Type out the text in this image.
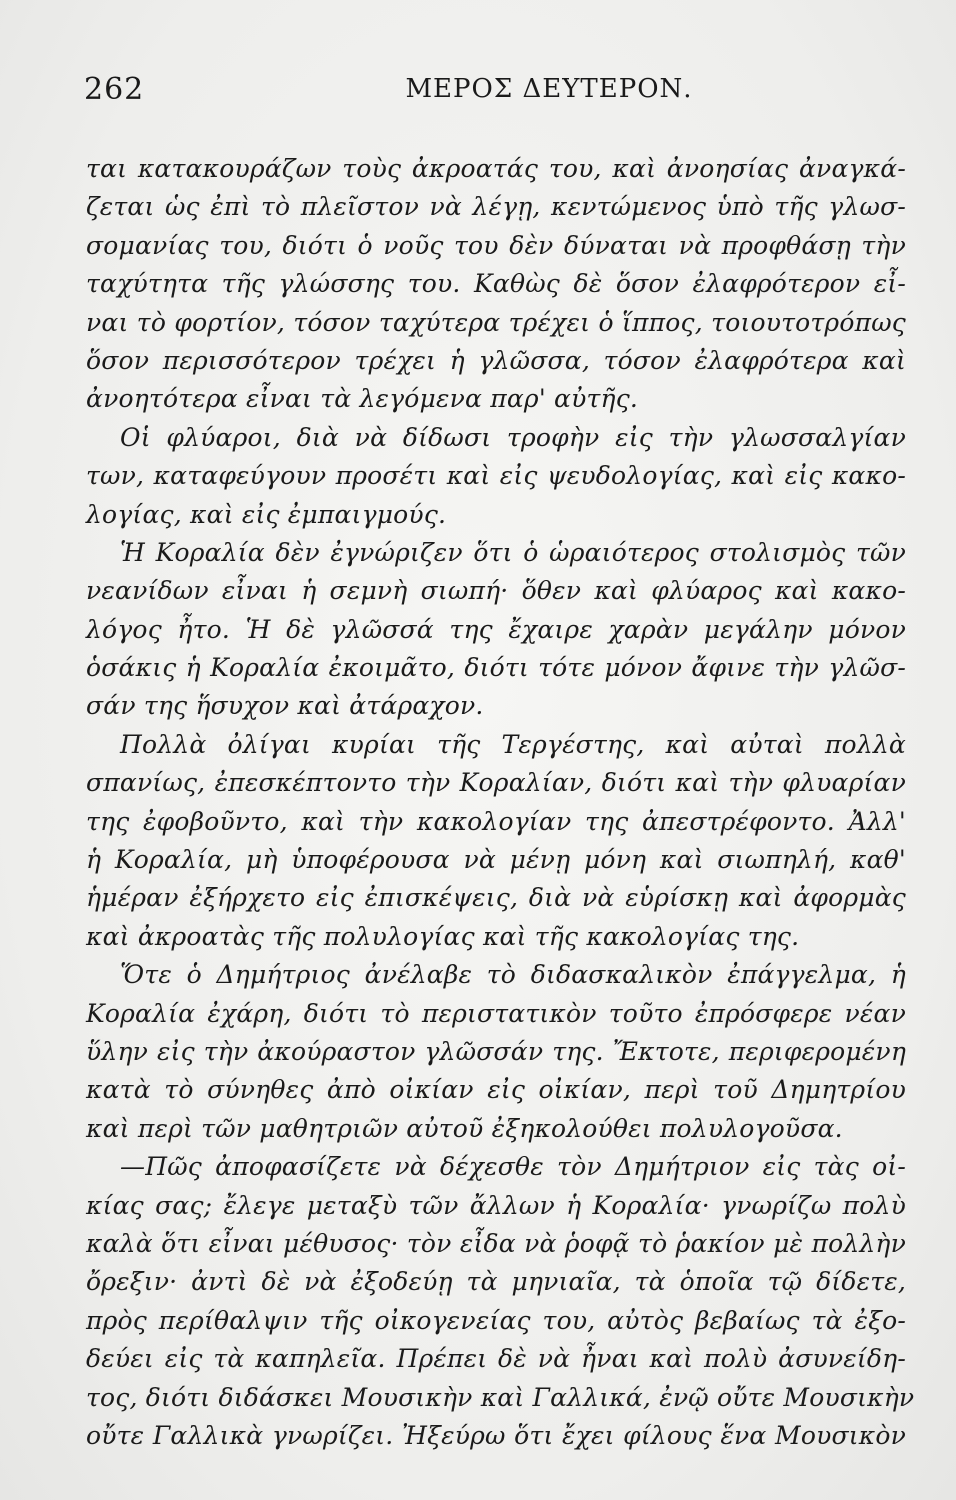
262	ΜΕΡΟΣ ΔΕΥΤΕΡΟΝ.
ται κατακουράζων τοὺς ἀκροατάς του, καὶ ἀνοησίας ἀναγκά-
ζεται ὡς ἐπὶ τὸ πλεῖστον νὰ λέγῃ, κεντώμενος ὑπὸ τῆς γλωσ-
σομανίας του, διότι ὁ νοῦς του δὲν δύναται νὰ προφθάσῃ τὴν
ταχύτητα τῆς γλώσσης του. Καθὼς δὲ ὅσον ἐλαφρότερον εἶ-
ναι τὸ φορτίον, τόσον ταχύτερα τρέχει ὁ ἵππος, τοιουτοτρόπως
ὅσον περισσότερον τρέχει ἡ γλῶσσα, τόσον ἐλαφρότερα καὶ
ἀνοητότερα εἶναι τὰ λεγόμενα παρ' αὐτῆς.
Οἱ φλύαροι, διὰ νὰ δίδωσι τροφὴν εἰς τὴν γλωσσαλγίαν
των, καταφεύγουν προσέτι καὶ εἰς ψευδολογίας, καὶ εἰς κακο-
λογίας, καὶ εἰς ἐμπαιγμούς.
Ἡ Κοραλία δὲν ἐγνώριζεν ὅτι ὁ ὡραιότερος στολισμὸς τῶν
νεανίδων εἶναι ἡ σεμνὴ σιωπή· ὅθεν καὶ φλύαρος καὶ κακο-
λόγος ἦτο. Ἡ δὲ γλῶσσά της ἔχαιρε χαρὰν μεγάλην μόνον
ὁσάκις ἡ Κοραλία ἐκοιμᾶτο, διότι τότε μόνον ἄφινε τὴν γλῶσ-
σάν της ἥσυχον καὶ ἀτάραχον.
Πολλὰ ὀλίγαι κυρίαι τῆς Τεργέστης, καὶ αὐταὶ πολλὰ
σπανίως, ἐπεσκέπτοντο τὴν Κοραλίαν, διότι καὶ τὴν φλυαρίαν
της ἐφοβοῦντο, καὶ τὴν κακολογίαν της ἀπεστρέφοντο. Ἀλλ'
ἡ Κοραλία, μὴ ὑποφέρουσα νὰ μένῃ μόνη καὶ σιωπηλή, καθ'
ἡμέραν ἐξήρχετο εἰς ἐπισκέψεις, διὰ νὰ εὑρίσκῃ καὶ ἀφορμὰς
καὶ ἀκροατὰς τῆς πολυλογίας καὶ τῆς κακολογίας της.
Ὅτε ὁ Δημήτριος ἀνέλαβε τὸ διδασκαλικὸν ἐπάγγελμα, ἡ
Κοραλία ἐχάρη, διότι τὸ περιστατικὸν τοῦτο ἐπρόσφερε νέαν
ὕλην εἰς τὴν ἀκούραστον γλῶσσάν της. Ἔκτοτε, περιφερομένη
κατὰ τὸ σύνηθες ἀπὸ οἰκίαν εἰς οἰκίαν, περὶ τοῦ Δημητρίου
καὶ περὶ τῶν μαθητριῶν αὐτοῦ ἐξηκολούθει πολυλογοῦσα.
—Πῶς ἀποφασίζετε νὰ δέχεσθε τὸν Δημήτριον εἰς τὰς οἰ-
κίας σας; ἔλεγε μεταξὺ τῶν ἄλλων ἡ Κοραλία· γνωρίζω πολὺ
καλὰ ὅτι εἶναι μέθυσος· τὸν εἶδα νὰ ῥοφᾷ τὸ ῥακίον μὲ πολλὴν
ὄρεξιν· ἀντὶ δὲ νὰ ἐξοδεύῃ τὰ μηνιαῖα, τὰ ὁποῖα τῷ δίδετε,
πρὸς περίθαλψιν τῆς οἰκογενείας του, αὐτὸς βεβαίως τὰ ἐξο-
δεύει εἰς τὰ καπηλεῖα. Πρέπει δὲ νὰ ἦναι καὶ πολὺ ἀσυνείδη-
τος, διότι διδάσκει Μουσικὴν καὶ Γαλλικά, ἐνῷ οὔτε Μουσικὴν
οὔτε Γαλλικὰ γνωρίζει. Ἠξεύρω ὅτι ἔχει φίλους ἕνα Μουσικὸν
